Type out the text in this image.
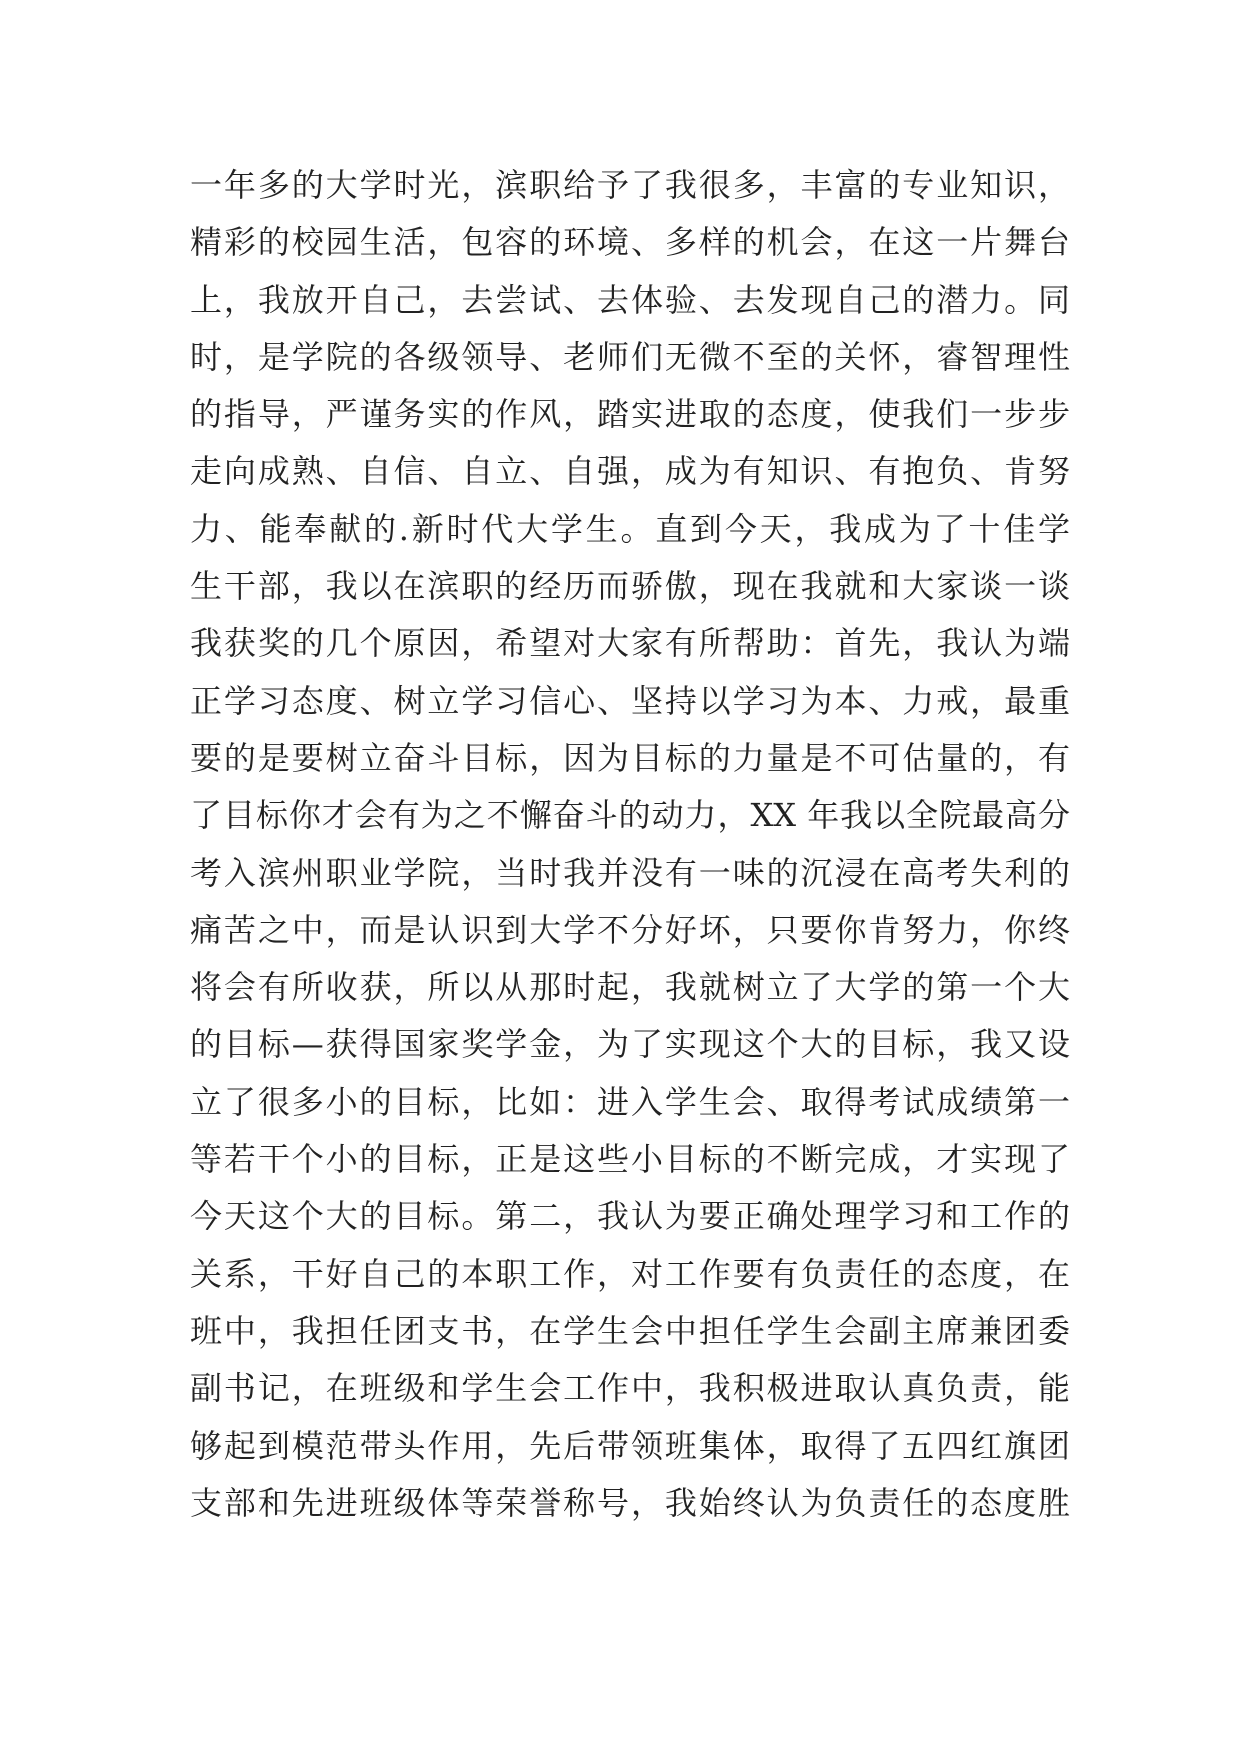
一年多的大学时光，滨职给予了我很多，丰富的专业知识，
精彩的校园生活，包容的环境、多样的机会，在这一片舞台
上，我放开自己，去尝试、去体验、去发现自己的潜力。同
时，是学院的各级领导、老师们无微不至的关怀，睿智理性
的指导，严谨务实的作风，踏实进取的态度，使我们一步步
走向成熟、自信、自立、自强，成为有知识、有抱负、肯努
力、能奉献的.新时代大学生。直到今天，我成为了十佳学
生干部，我以在滨职的经历而骄傲，现在我就和大家谈一谈
我获奖的几个原因，希望对大家有所帮助：首先，我认为端
正学习态度、树立学习信心、坚持以学习为本、力戒，最重
要的是要树立奋斗目标，因为目标的力量是不可估量的，有
了目标你才会有为之不懈奋斗的动力，XX 年我以全院最高分
考入滨州职业学院，当时我并没有一味的沉浸在高考失利的
痛苦之中，而是认识到大学不分好坏，只要你肯努力，你终
将会有所收获，所以从那时起，我就树立了大学的第一个大
的目标—获得国家奖学金，为了实现这个大的目标，我又设
立了很多小的目标，比如：进入学生会、取得考试成绩第一
等若干个小的目标，正是这些小目标的不断完成，才实现了
今天这个大的目标。第二，我认为要正确处理学习和工作的
关系，干好自己的本职工作，对工作要有负责任的态度，在
班中，我担任团支书，在学生会中担任学生会副主席兼团委
副书记，在班级和学生会工作中，我积极进取认真负责，能
够起到模范带头作用，先后带领班集体，取得了五四红旗团
支部和先进班级体等荣誉称号，我始终认为负责任的态度胜
